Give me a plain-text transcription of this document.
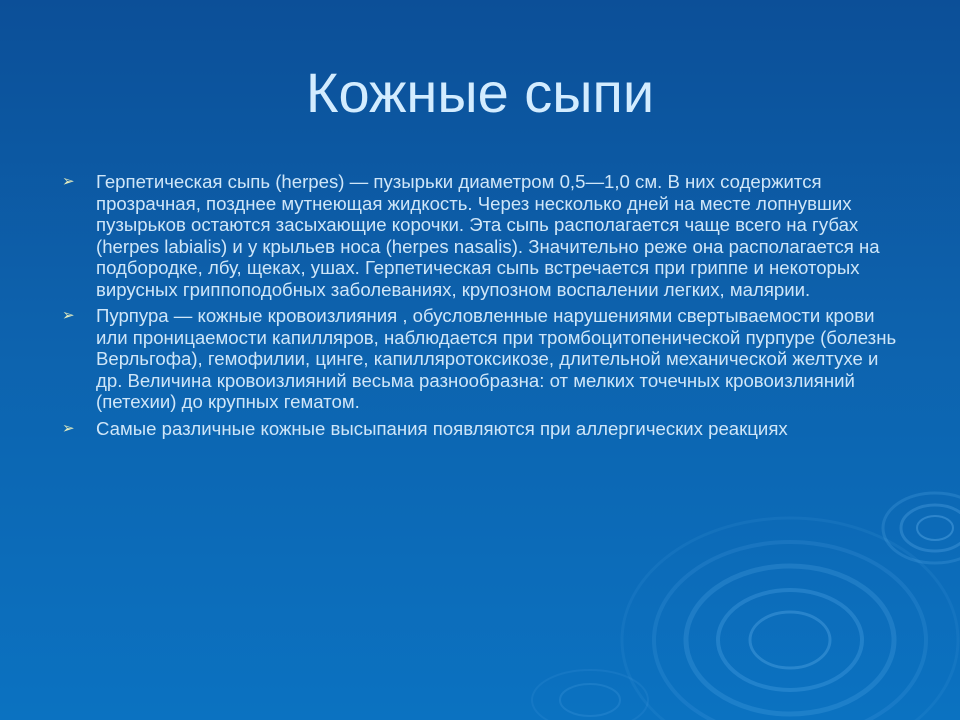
Кожные сыпи
➢ Герпетическая сыпь (herpes) — пузырьки диаметром 0,5—1,0 см. В них содержится прозрачная, позднее мутнеющая жидкость. Через несколько дней на месте лопнувших пузырьков остаются засыхающие корочки. Эта сыпь располагается чаще всего на губах (herpes labialis) и у крыльев носа (herpes nasalis). Значительно реже она располагается на подбородке, лбу, щеках, ушах. Герпетическая сыпь встречается при гриппе и некоторых вирусных гриппоподобных заболеваниях, крупозном воспалении легких, малярии.
➢ Пурпура — кожные кровоизлияния , обусловленные нарушениями свертываемости крови или проницаемости капилляров, наблюдается при тромбоцитопенической пурпуре (болезнь Верльгофа), гемофилии, цинге, капилляротоксикозе, длительной механической желтухе и др. Величина кровоизлияний весьма разнообразна: от мелких точечных кровоизлияний (петехии) до крупных гематом.
➢ Самые различные кожные высыпания появляются при аллергических реакциях
